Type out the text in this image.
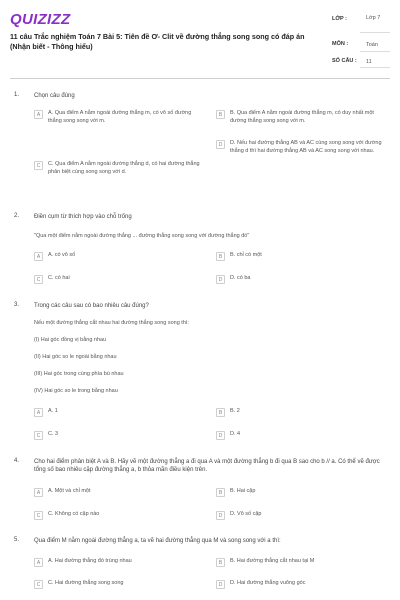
QUIZIZZ
11 câu Trắc nghiệm Toán 7 Bài 5: Tiên đề Ơ- Clit về đường thẳng song song có đáp án (Nhận biết - Thông hiểu)
LỚP :	Lớp 7
MÔN :	Toán
SỐ CÂU : 11
1. Chọn câu đúng
A	A. Qua điểm A nằm ngoài đường thẳng m, có vô số đường thẳng song song với m.
B	B. Qua điểm A nằm ngoài đường thẳng m, có duy nhất một đường thẳng song song với m.
C	C. Qua điểm A nằm ngoài đường thẳng d, có hai đường thẳng phân biệt cùng song song với d.
D	D. Nếu hai đường thẳng AB và AC cùng song song với đường thẳng d thì hai đường thẳng AB và AC song song với nhau.
2. Điền cụm từ thích hợp vào chỗ trống
"Qua một điểm nằm ngoài đường thẳng ... đường thẳng song song với đường thẳng đó"
A	A. có vô số	B	B. chỉ có một
C	C. có hai	D	D. có ba
3. Trong các câu sau có bao nhiêu câu đúng?
Nếu một đường thẳng cắt nhau hai đường thẳng song song thì:
(I) Hai góc đồng vị bằng nhau
(II) Hai góc so le ngoài bằng nhau
(III) Hai góc trong cùng phía bù nhau
(IV) Hai góc so le trong bằng nhau
A	A. 1	B	B. 2
C	C. 3	D	D. 4
4. Cho hai điểm phân biệt A và B. Hãy vẽ một đường thẳng a đi qua A và một đường thẳng b đi qua B sao cho b // a. Có thể vẽ được tổng số bao nhiêu cặp đường thẳng a, b thỏa mãn điều kiện trên.
A	A. Một và chỉ một	B	B. Hai cặp
C	C. Không có cặp nào	D	D. Vô số cặp
5. Qua điểm M nằm ngoài đường thẳng a, ta vẽ hai đường thẳng qua M và song song với a thì:
A	A. Hai đường thẳng đó trùng nhau	B	B. Hai đường thẳng cắt nhau tại M
C	C. Hai đường thẳng song song	D	D. Hai đường thẳng vuông góc
